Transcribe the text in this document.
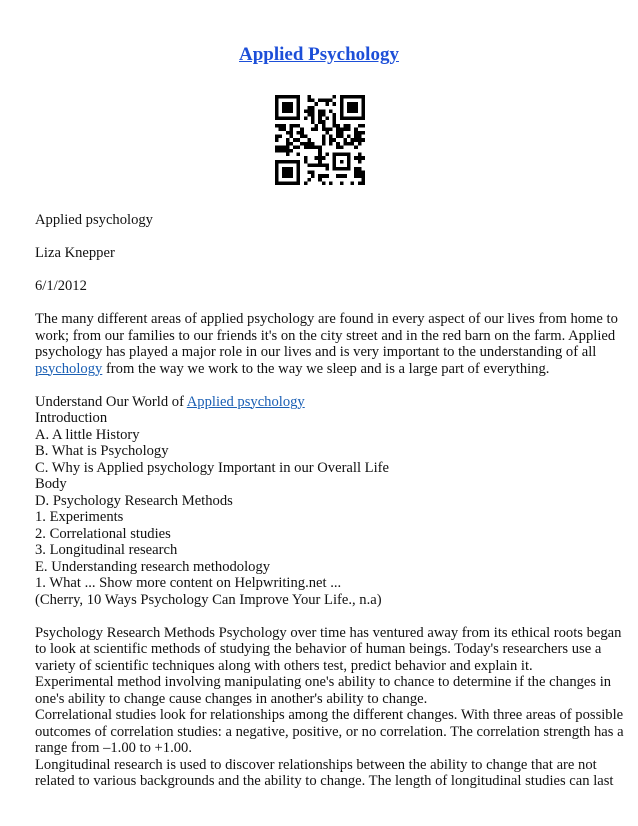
Applied Psychology
Applied psychology
Liza Knepper
6/1/2012
The many different areas of applied psychology are found in every aspect of our lives from home to
work; from our families to our friends it's on the city street and in the red barn on the farm. Applied
psychology has played a major role in our lives and is very important to the understanding of all
psychology from the way we work to the way we sleep and is a large part of everything.
Understand Our World of Applied psychology
Introduction
A. A little History
B. What is Psychology
C. Why is Applied psychology Important in our Overall Life
Body
D. Psychology Research Methods
1. Experiments
2. Correlational studies
3. Longitudinal research
E. Understanding research methodology
1. What ... Show more content on Helpwriting.net ...
(Cherry, 10 Ways Psychology Can Improve Your Life., n.a)
Psychology Research Methods Psychology over time has ventured away from its ethical roots began
to look at scientific methods of studying the behavior of human beings. Today's researchers use a
variety of scientific techniques along with others test, predict behavior and explain it.
Experimental method involving manipulating one's ability to chance to determine if the changes in
one's ability to change cause changes in another's ability to change.
Correlational studies look for relationships among the different changes. With three areas of possible
outcomes of correlation studies: a negative, positive, or no correlation. The correlation strength has a
range from –1.00 to +1.00.
Longitudinal research is used to discover relationships between the ability to change that are not
related to various backgrounds and the ability to change. The length of longitudinal studies can last
